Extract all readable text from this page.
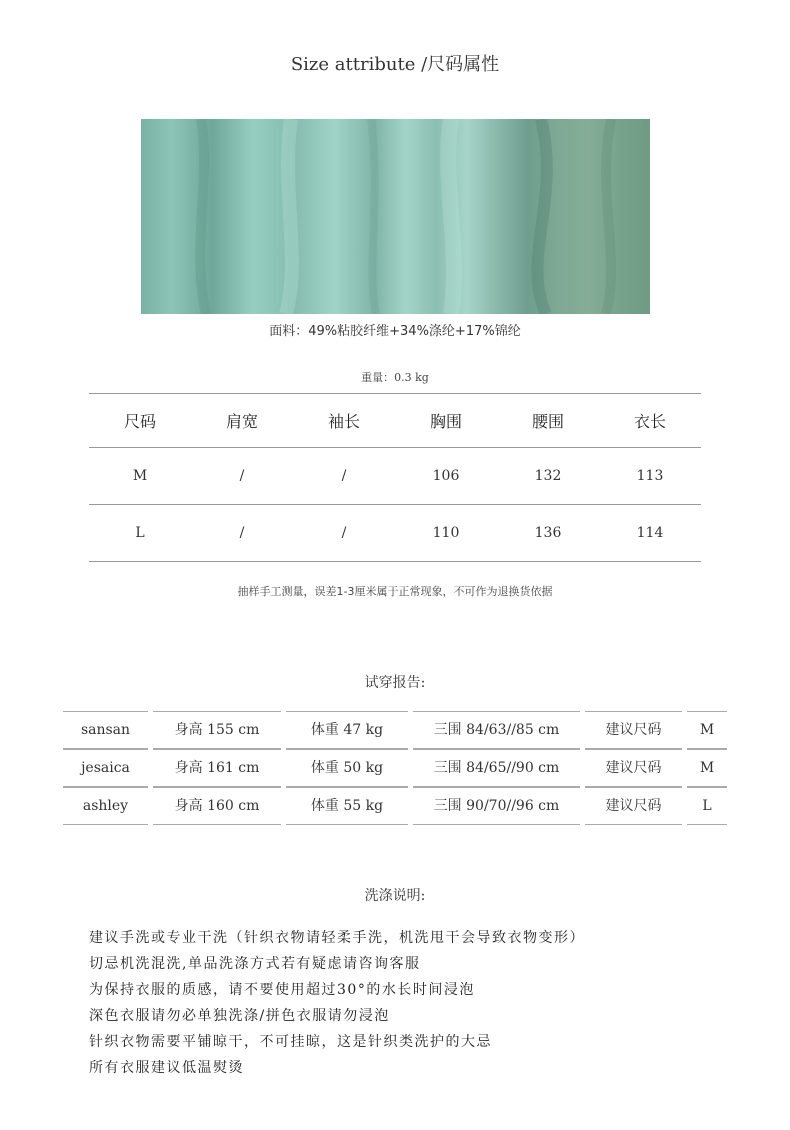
Size attribute /尺码属性
面料：49%粘胶纤维+34%涤纶+17%锦纶
重量：0.3 kg
尺码	肩宽	袖长	胸围	腰围	衣长
M	/	/	106	132	113
L	/	/	110	136	114
抽样手工测量，误差1-3厘米属于正常现象，不可作为退换货依据
试穿报告:
sansan	身高 155 cm	体重 47 kg	三围 84/63//85 cm	建议尺码	M
jesaica	身高 161 cm	体重 50 kg	三围 84/65//90 cm	建议尺码	M
ashley	身高 160 cm	体重 55 kg	三围 90/70//96 cm	建议尺码	L
洗涤说明:
建议手洗或专业干洗（针织衣物请轻柔手洗，机洗甩干会导致衣物变形）
切忌机洗混洗,单品洗涤方式若有疑虑请咨询客服
为保持衣服的质感，请不要使用超过30°的水长时间浸泡
深色衣服请勿必单独洗涤/拼色衣服请勿浸泡
针织衣物需要平铺晾干，不可挂晾，这是针织类洗护的大忌
所有衣服建议低温熨烫
